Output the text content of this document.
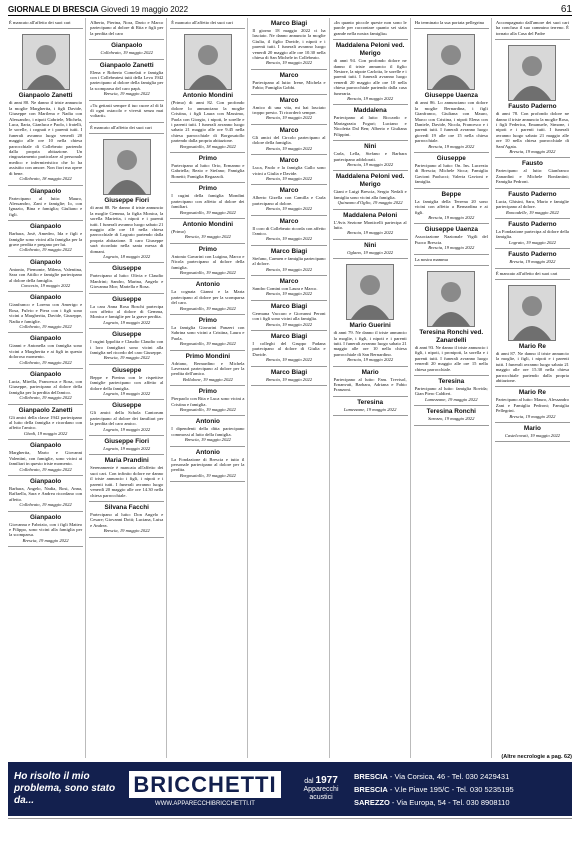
GIORNALE DI BRESCIA Giovedì 19 maggio 2022	61
È mancato all'affetto dei suoi cari
Gianpaolo Zanetti
di anni 80. Ne danno il triste annuncio la moglie Margherita, i figli Davide, Giuseppe con Marilena e Nadia con Alessandro, i nipoti Gabriele, Michela, Luca, Ilaria, Gianluca e Paolo, i fratelli, le sorelle, i cognati e i parenti tutti. I funerali avranno luogo venerdì 20 maggio alle ore 10 nella chiesa parrocchiale di Collebeato partendo dalla propria abitazione. Un ringraziamento particolare al personale medico e infermieristico che lo ha assistito con amore. Non fiori ma opere di bene.
Collebeato, 18 maggio 2022
Gianpaolo
Partecipano al lutto: Mauro, Alessandro, Zani e famiglie; Io, con Ignazio, Bina e famiglia; Giuliano e figli.
Gianpaolo
Barbara, Josè, Amedeo, Ida e figli e famiglie sono vicini alla famiglia per la grave perdita e pregano per lui.
Collebeato, 19 maggio 2022
Gianpaolo
Antonio, Piemonte, Milena, Valentina, Sara con Attilio e famiglie partecipano al dolore della famiglia.
Concesio, 19 maggio 2022
Gianpaolo
Gianfranco e Lorena con Amerigo e Rosa, Fulvio e Piera con i figli sono vicini a Margherita, Davide, Giuseppe, Nadia e famiglie.
Collebeato, 19 maggio 2022
Gianpaolo
Gianni e Antonella con famiglia sono vicini a Margherita e ai figli in questo doloroso momento.
Collebeato, 19 maggio 2022
Gianpaolo
Lucia, Mirella, Francesca e Rosa, con Giuseppe, partecipano al dolore della famiglia per la perdita dell'amico.
Collebeato, 19 maggio 2022
Gianpaolo Zanetti
Gli amici della classe 1942 partecipano al lutto della famiglia e ricordano con affetto l'amico.
Ghedi, 19 maggio 2022
Gianpaolo
Margherita, Mario e Giovanni Valentini, con famiglie, sono vicini ai familiari in questo triste momento.
Collebeato, 19 maggio 2022
Gianpaolo
Barbara, Angelo, Nadia, Rosi, Anna, Raffaella, Sara e Andrea ricordano con affetto.
Collebeato, 19 maggio 2022
Gianpaolo
Giovanna e Fabrizio, con i figli Matteo e Filippo, sono vicini alla famiglia per la scomparsa.
Brescia, 19 maggio 2022
Alberto, Pierina, Nora, Dario e Marco partecipano al dolore di Rita e figli per la perdita del caro
Gianpaolo
Collebeato, 19 maggio 2022
Gianpaolo Zanetti
Elena e Roberto Comelati e famiglia con i Collebeatesi tutti della Leva 1942 partecipano al dolore della famiglia per la scomparsa del caro papà.
Brescia, 19 maggio 2022
«Tu gettasti sempre il tuo cuore al di là di ogni ostacolo e vivesti senza mai voltarti»
È mancato all'affetto dei suoi cari
Giuseppe Fiori
di anni 88. Ne danno il triste annuncio la moglie Gemma, la figlia Monica, la sorella Marietta, i nipoti e i parenti tutti. I funerali avranno luogo sabato 21 maggio alle ore 10 nella chiesa parrocchiale di Lograto partendo dalla propria abitazione. Il caro Giuseppe sarà ricordato nella santa messa di domani.
Lograto, 18 maggio 2022
Giuseppe
Partecipano al lutto: Olivia e Claudio Manfrini; Sandro, Marina, Angelo e Giovanna Mor; Mariella e Rosa.
Giuseppe
La cara Anna Rosa Boschi partecipa con affetto al dolore di Gemma, Monica e famiglie per la grave perdita.
Lograto, 19 maggio 2022
Giuseppe
I cugini Ippolita e Claudio Claudio con i loro famigliari sono vicini alla famiglia nel ricordo del caro Giuseppe.
Brescia, 19 maggio 2022
Giuseppe
Beppe e Pierina con le rispettive famiglie partecipano con affetto al dolore della famiglia.
Lograto, 19 maggio 2022
Giuseppe
Gli amici della Schola Cantorum partecipano al dolore dei familiari per la perdita del caro amico.
Lograto, 19 maggio 2022
Giuseppe Fiori
Lograto, 19 maggio 2022
Maria Prandini
Serenamente è mancata all'affetto dei suoi cari. Con infinito dolore ne danno il triste annuncio i figli, i nipoti e i parenti tutti. I funerali avranno luogo venerdì 20 maggio alle ore 14.30 nella chiesa parrocchiale.
Silvana Facchi
Partecipano al lutto: Don Angelo e Cesare; Giovanni Dotti; Luciana, Luisa e Andrea.
Brescia, 19 maggio 2022
È mancato all'affetto dei suoi cari
Antonio Mondini
(Primo) di anni 82. Con profondo dolore lo annunciano la moglie Cristina, i figli Laura con Massimo, Paola con Giorgio, i nipoti, le sorelle e i parenti tutti. I funerali avranno luogo sabato 21 maggio alle ore 9.45 nella chiesa parrocchiale di Borgosatollo partendo dalla propria abitazione.
Borgosatollo, 18 maggio 2022
Primo
Partecipano al lutto: Orio, Ermanno e Gabriella; Rezio e Stefano; Famiglia Bonetti; Famiglia Regazzoli.
Primo
I cugini della famiglia Mondini partecipano con affetto al dolore dei familiari.
Borgosatollo, 19 maggio 2022
Antonio Mondini
(Primo)
Brescia, 19 maggio 2022
Primo
Antonio Gavarini con Luigina, Marco e Nicola partecipano al dolore della famiglia.
Borgosatollo, 19 maggio 2022
Antonio
La cognata Gianni e la Maria partecipano al dolore per la scomparsa del caro.
Borgosatollo, 19 maggio 2022
Primo
La famiglia Giavarini Panzeri con Sabrina sono vicini a Cristina, Laura e Paola.
Borgosatollo, 19 maggio 2022
Primo Mondini
Adriano, Bernardino e Michela Lavezzari partecipano al dolore per la perdita dell'amico.
Bollulone, 19 maggio 2022
Primo
Pierpaolo con Rita e Luca sono vicini a Cristina e famiglia.
Borgosatollo, 19 maggio 2022
Antonio
I dipendenti della ditta partecipano commossi al lutto della famiglia.
Brescia, 19 maggio 2022
Antonio
La Fondazione di Brescia e tutto il personale partecipano al dolore per la perdita.
Borgosatollo, 19 maggio 2022
Marco Biagi
Il giorno 18 maggio 2022 ci ha lasciato. Ne danno annuncio la moglie Giulia, il figlio Davide, i nipoti e i parenti tutti. I funerali avranno luogo venerdì 20 maggio alle ore 10.30 nella chiesa di San Michele in Collebeato.
Brescia, 19 maggio 2022
Marco
Partecipano al lutto: Irene, Michela e Fabio; Famiglia Gobbi.
Marco
Amico di una vita, mi hai lasciato troppo presto. Ti ricorderò sempre.
Brescia, 19 maggio 2022
Marco
Gli amici del Circolo partecipano al dolore della famiglia.
Brescia, 19 maggio 2022
Marco
Luca, Paolo e la famiglia Gallo sono vicini a Giulia e Davide.
Brescia, 19 maggio 2022
Marco
Alberto Gizella con Camilla e Carla partecipano al dolore.
Brescia, 19 maggio 2022
Marco
Il coro di Collebeato ricorda con affetto l'amico.
Brescia, 19 maggio 2022
Marco Biagi
Stefano, Carmen e famiglia partecipano al dolore.
Brescia, 19 maggio 2022
Marco
Sandro Comini con Laura e Marco.
Brescia, 19 maggio 2022
Marco Biagi
Germana Vaccaro e Giovanni Peroni con i figli sono vicini alla famiglia.
Brescia, 19 maggio 2022
Marco Biagi
I colleghi del Gruppo Padana partecipano al dolore di Giulia e Davide.
Brescia, 19 maggio 2022
Marco Biagi
Brescia, 19 maggio 2022
«In quanto piccole queste non sono le parole per raccontare quanto sei stata grande nella nostra famiglia»
Maddalena Peloni ved. Merigo
di anni 94. Con profondo dolore ne danno il triste annuncio il figlio Nestore, la nipote Carlotta, le sorelle e i parenti tutti. I funerali avranno luogo venerdì 20 maggio alle ore 10 nella chiesa parrocchiale partendo dalla casa funeraria.
Brescia, 19 maggio 2022
Maddalena
Partecipano al lutto: Riccardo e Mariagrazia Fogari; Luciano e Nicoletta Dal Ben; Alberto e Giuliana Filippini.
Nini
Carla, Lella, Stefano e Barbara partecipano addolorati.
Brescia, 19 maggio 2022
Maddalena Peloni ved. Merigo
Giani e Luigi Brescia, Sergio Nedali e famiglia sono vicini alla famiglia.
Quinzano d'Oglio, 19 maggio 2022
Maddalena Peloni
L'Avis Sezione Monticelli partecipa al lutto.
Brescia, 19 maggio 2022
Nini
Oglano, 19 maggio 2022
Mario Guerini
di anni 79. Ne danno il triste annuncio la moglie, i figli, i nipoti e i parenti tutti. I funerali avranno luogo sabato 21 maggio alle ore 10 nella chiesa parrocchiale di San Bernardino.
Brescia, 19 maggio 2022
Mario
Partecipano al lutto: Fam. Trevisol, Ernanvati, Barbara, Adriana e Fabio Franzoni.
Teresina
Lumezzane, 19 maggio 2022
Ha terminato la sua portata pellegrina
Giuseppe Uaenza
di anni 86. Lo annunciano con dolore la moglie Bernardina, i figli Gianfranco, Giuliana con Mauro, Marco con Cristina, i nipoti Elena con Daniele, Davide, Nicola, Francesco e i parenti tutti. I funerali avranno luogo giovedì 19 alle ore 15 nella chiesa parrocchiale.
Brescia, 19 maggio 2022
Giuseppe
Partecipano al lutto: On. Ins. Lucrezia di Brescia; Michele Sicca; Famiglia Gavioni Paolucci; Valeria Gavioni e famiglia.
Beppe
La famiglia della Terrena 20 sono vicini con affetto a Bernardina e ai figli.
Brescia, 19 maggio 2022
Giuseppe Uaenza
Associazione Nazionale Vigili del Fuoco Brescia.
Brescia, 19 maggio 2022
La nostra mamma
Teresina Ronchi ved. Zanardelli
di anni 93. Ne danno il triste annuncio i figli, i nipoti, i pronipoti, la sorella e i parenti tutti. I funerali avranno luogo venerdì 20 maggio alle ore 15 nella chiesa parrocchiale.
Teresina
Partecipano al lutto: famiglia Rovida; Gian Piero Caldieri.
Lumezzane, 19 maggio 2022
Teresina Ronchi
Sarezzo, 19 maggio 2022
Accompagnato dall'amore dei suoi cari ha concluso il suo cammino terreno. È tornato alla Casa del Padre
Fausto Paderno
di anni 78. Con profondo dolore ne danno il triste annuncio la moglie Rosa, i figli Federica, Emanuele, Simone, i nipoti e i parenti tutti. I funerali avranno luogo sabato 21 maggio alle ore 10 nella chiesa parrocchiale di Sant'Agata.
Brescia, 19 maggio 2022
Fausto
Partecipano al lutto: Gianfranco Zanardini e Michele Bonfantini; Famiglia Pedroni.
Fausto Paderno
Lucia, Ghisini, Sara, Mario e famiglie partecipano al dolore.
Roncadelle, 19 maggio 2022
Fausto Paderno
La Fondazione partecipa al dolore della famiglia.
Lograto, 19 maggio 2022
Fausto Paderno
Brescia, 19 maggio 2022
È mancato all'affetto dei suoi cari
Mario Re
di anni 87. Ne danno il triste annuncio la moglie, i figli, i nipoti e i parenti tutti. I funerali avranno luogo sabato 21 maggio alle ore 15.30 nella chiesa parrocchiale partendo dalla propria abitazione.
Mario Re
Partecipano al lutto: Mauro, Alessandro Zani e Famiglia Pedroni; Famiglia Pellegrini.
Brescia, 19 maggio 2022
Mario
Castelcovati, 19 maggio 2022
(Altre necrologie a pag. 62)
Ho risolto il mio problema, sono stato da...
BRICCHETTI
WWW.APPARECCHIBRICCHETTI.IT
dal 1977
Apparecchi acustici
BRESCIA - Via Corsica, 46 - Tel. 030 2429431
BRESCIA - V.le Piave 195/C - Tel. 030 5235195
SAREZZO - Via Europa, 54 - Tel. 030 8908110
